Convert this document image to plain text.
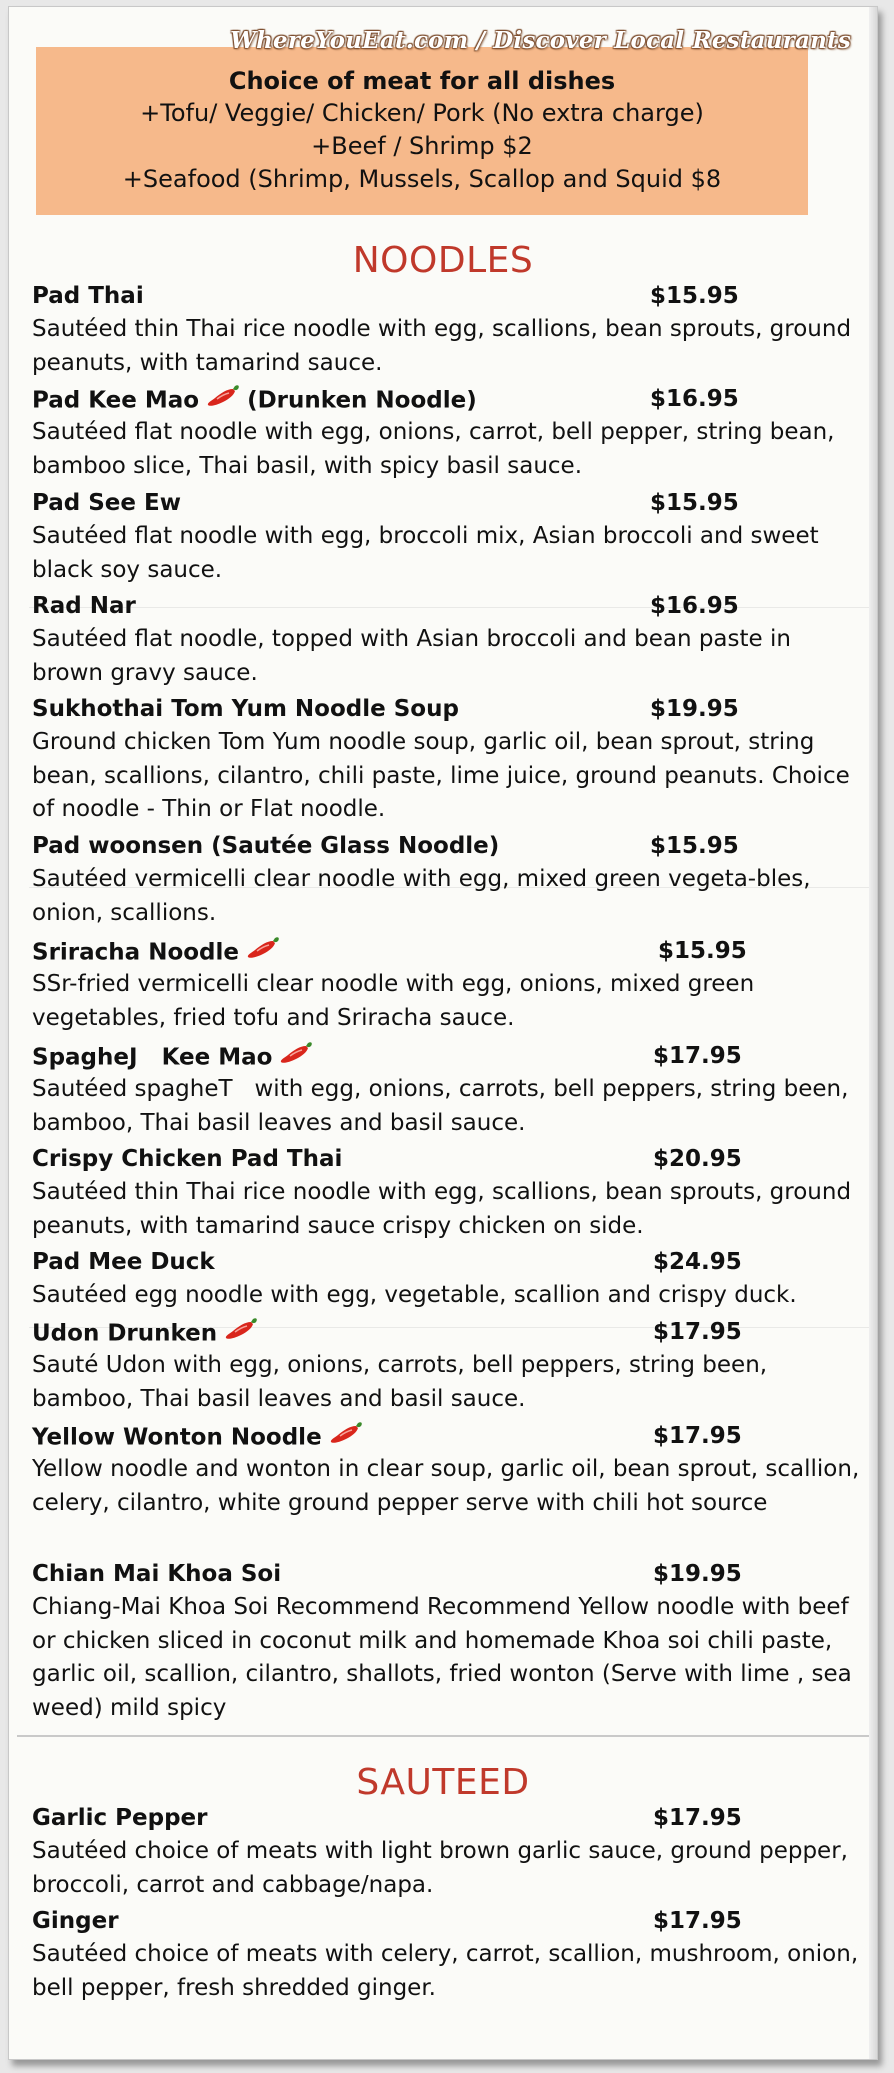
WhereYouEat.com / Discover Local Restaurants
Choice of meat for all dishes
+Tofu/ Veggie/ Chicken/ Pork (No extra charge)
+Beef / Shrimp $2
+Seafood (Shrimp, Mussels, Scallop and Squid $8
NOODLES
Pad Thai	$15.95
Sautéed thin Thai rice noodle with egg, scallions, bean sprouts, ground peanuts, with tamarind sauce.
Pad Kee Mao (Drunken Noodle)	$16.95
Sautéed flat noodle with egg, onions, carrot, bell pepper, string bean, bamboo slice, Thai basil, with spicy basil sauce.
Pad See Ew	$15.95
Sautéed flat noodle with egg, broccoli mix, Asian broccoli and sweet black soy sauce.
Rad Nar	$16.95
Sautéed flat noodle, topped with Asian broccoli and bean paste in brown gravy sauce.
Sukhothai Tom Yum Noodle Soup	$19.95
Ground chicken Tom Yum noodle soup, garlic oil, bean sprout, string bean, scallions, cilantro, chili paste, lime juice, ground peanuts. Choice of noodle - Thin or Flat noodle.
Pad woonsen (Sautée Glass Noodle)	$15.95
Sautéed vermicelli clear noodle with egg, mixed green vegeta-bles, onion, scallions.
Sriracha Noodle	$15.95
SSr-fried vermicelli clear noodle with egg, onions, mixed green vegetables, fried tofu and Sriracha sauce.
SpagheJ   Kee Mao	$17.95
Sautéed spagheT   with egg, onions, carrots, bell peppers, string been, bamboo, Thai basil leaves and basil sauce.
Crispy Chicken Pad Thai	$20.95
Sautéed thin Thai rice noodle with egg, scallions, bean sprouts, ground peanuts, with tamarind sauce crispy chicken on side.
Pad Mee Duck	$24.95
Sautéed egg noodle with egg, vegetable, scallion and crispy duck.
Udon Drunken	$17.95
Sauté Udon with egg, onions, carrots, bell peppers, string been, bamboo, Thai basil leaves and basil sauce.
Yellow Wonton Noodle	$17.95
Yellow noodle and wonton in clear soup, garlic oil, bean sprout, scallion, celery, cilantro, white ground pepper serve with chili hot source
Chian Mai Khoa Soi	$19.95
Chiang-Mai Khoa Soi Recommend Recommend Yellow noodle with beef or chicken sliced in coconut milk and homemade Khoa soi chili paste, garlic oil, scallion, cilantro, shallots, fried wonton (Serve with lime , sea weed) mild spicy
SAUTEED
Garlic Pepper	$17.95
Sautéed choice of meats with light brown garlic sauce, ground pepper, broccoli, carrot and cabbage/napa.
Ginger	$17.95
Sautéed choice of meats with celery, carrot, scallion, mushroom, onion, bell pepper, fresh shredded ginger.
